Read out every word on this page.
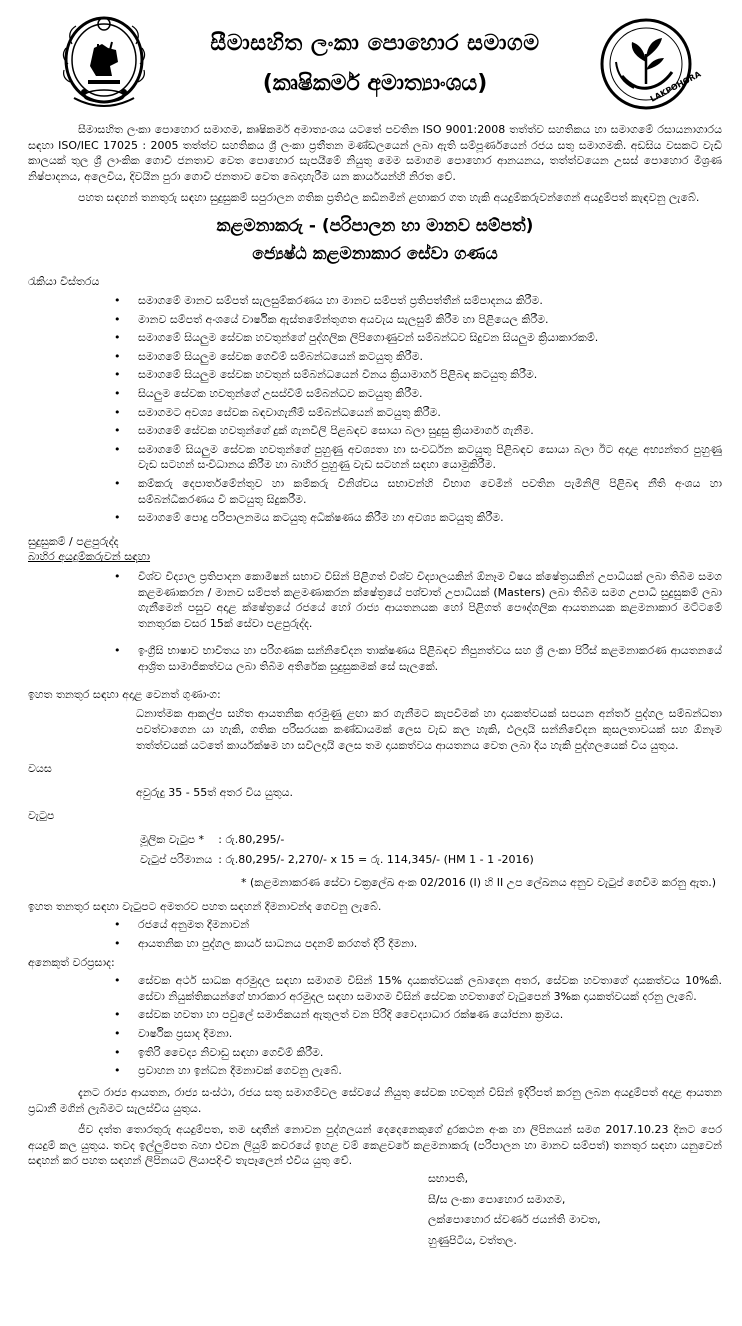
සීමාසහිත ලංකා පොහොර සමාගම
(කෘෂිකර්ම අමාත්‍යාංශය)	LAKPOHORA

සීමාසහිත ලංකා පොහොර සමාගම, කෘෂිකර්ම අමාත්‍යංශය යටතේ පවතින ISO 9001:2008 තත්ත්ව සහතිකය හා සමාගමේ රසායනාගාරය සඳහා ISO/IEC 17025 : 2005 තත්ත්ව සහතිකය ශ්‍රී ලංකා ප්‍රතීතන මණ්ඩලයෙන් ලබා ඇති සම්පූර්ණයෙන් රජය සතු සමාගමකි. අඩසිය වසකට වැඩි කාලයක් තුල ශ්‍රී ලාංකික ගොවි ජනතාව වෙත පොහොර සැපයීමේ නියුතු මෙම සමාගම පොහොර ආනයනය, තත්ත්වයෙන උසස් පොහොර මිශ්‍රණ නිෂ්පාදනය, අලෙවිය, දිවයින පුරා ගොවි ජනතාව වෙත බෙදාහැරීම යන කාර්යයන්හි නිරත වේ.

පහත සඳහන් තනතුරු සඳහා සුදුසුකම් සපුරාලන ගතික ප්‍රතිඵල කඩිනමින් ළඟාකර ගත හැකි අයදුම්කරුවන්ගෙන් අයදුම්පත් කැඳවනු ලැබේ.

කළමනාකරු - (පරිපාලන හා මානව සම්පත්)
ජ්‍යෙෂ්ඨ කළමනාකාර සේවා ගණය
රැකියා විස්තරය
• සමාගමේ මානව සම්පත් සැලසුම්කරණය හා මානව සම්පත් ප්‍රතිපත්තීන් සම්පාදනය කිරීම.
• මානව සම්පත් අංශයේ වාර්ෂික ඇස්තමේන්තුගත අයවැය සැලසුම් කිරීම හා පිළියෙල කිරීම.
• සමාගමේ සියලුම සේවක හවතුන්ගේ පුද්ගලික ලිපිගොණුවන් සම්බන්ධව සිදුවන සියලුම ක්‍රියාකාරකම්.
• සමාගමේ සියලුම සේවක ගෙවීම් සම්බන්ධයෙන් කටයුතු කිරීම.
• සමාගමේ සියලුම සේවක හවතුන් සම්බන්ධයෙන් විනය ක්‍රියාමාර්ග පිළිබඳ කටයුතු කිරීම.
• සියලුම සේවක හවතුන්ගේ උසස්වීම් සම්බන්ධව කටයුතු කිරීම.
• සමාගමට අවශ්‍ය සේවක බඳවාගැනීම් සම්බන්ධයෙන් කටයුතු කිරීම.
• සමාගමේ සේවක හවතුන්ගේ දුක් ගැනවිලි පිළබඳව සොයා බලා සුදුසු ක්‍රියාමාර්ග ගැනීම.
• සමාගමේ සියලුම සේවක හවතුන්ගේ පුහුණු අවශ්‍යතා හා සංවර්ධන කටයුතු පිළිබඳව සොයා බලා ඊට අදාළ අභ්‍යන්තර පුහුණු වැඩ සටහන් සංවිධානය කිරීම හා බාහිර පුහුණු වැඩ සටහන් සඳහා යොමුකිරීම.
• කම්කරු දෙපාර්තමේන්තුව හා කම්කරු විනිශ්චය සභාවන්හි විභාග වෙමින් පවතින පැමිනිලි පිළිබඳ නීති අංශය හා සම්බන්ධීකරණය වී කටයුතු සිදුකරීම.
• සමාගමේ පොදු පරිපාලනමය කටයුතු අධීක්ෂණය කිරීම හා අවශ්‍ය කටයුතු කිරීම.
සුදුසුකම් / පළපුරුද්ද
බාහිර අයදුම්කරුවන් සඳහා
• විශ්ව විද්‍යාල ප්‍රතිපාදන කොමිෂන් සභාව විසින් පිළිගත් විශ්ව විද්‍යාලයකින් ඕනෑම විෂය ක්ෂේත්‍රයකින් උපාධියක් ලබා තිබීම සමග කළමණාකරන / මානව සම්පත් කළමණාකරන ක්ෂේත්‍රයේ පශ්චාත් උපාධියක් (Masters) ලබා තිබීම සමග උපාධි සුදුසුකම් ලබා ගැනීමෙන් පසුව අදාළ ක්ෂේත්‍රයේ රජයේ හෝ රාජ්‍ය ආයතනයක හෝ පිළිගත් පෞද්ගලික ආයතනයක කළමනාකාර මට්ටමේ තනතුරක වසර 15ක් සේවා පළපුරුද්ද.
• ඉංග්‍රීසි භාෂාව භාවිතය හා පරිගණක සන්නිවේදන තාක්ෂණය පිළිබඳව නිපුනත්වය සහ ශ්‍රී ලංකා පිරිස් කළමනාකරණ ආයතනයේ ආශ්‍රිත සාමාජිකත්වය ලබා තිබීම අතිරේක සුදුසුකමක් සේ සැලකේ.
ඉහත තනතුර සඳහා අදාළ වෙනත් ගුණාංග:

ධනාත්මක ආකල්ප සහිත ආයතනික අරමුණු ළඟා කර ගැනීමට කැපවීමක් හා දායකත්වයක් සපයන අන්තර් පුද්ගල සම්බන්ධතා පවත්වාගෙන යා හැකි, ගතික පරිසරයක කණ්ඩායමක් ලෙස වැඩ කල හැකි, ඵලදායි සන්නිවේදන කුසලතාවයක් සහ ඕනෑම තත්ත්වයක් යටතේ කාර්යක්ෂම හා සවිලදායි ලෙස තම දායකත්වය ආයතනය වෙත ලබා දිය හැකි පුද්ගලයෙක් විය යුතුය.

වයස
අවුරුදු 35 - 55ත් අතර විය යුතුය.
වැටුප
මූලික වැටුප *	: රු.80,295/-
වැටුප් පරිමානය	: රු.80,295/- 2,270/- x 15 = රු. 114,345/- (HM 1 - 1 -2016)
* (කළමනාකරණ සේවා චක්‍රලේඛ අංක 02/2016 (I) හි II උප ලේඛනය අනුව වැටුප් ගෙවීම කරනු ඇත.)
ඉහත තනතුර සඳහා වැටුපට අමතරව පහත සඳහන් දීමනාවන්ද ගෙවනු ලැබේ.
• රජයේ අනුමත දීමනාවන්
• ආයතනික හා පුද්ගල කාර්ය සාධනය පදනම් කරගත් දිරි දීමනා.
අනෙකුත් වරප්‍රසාද:
• සේවක අර්ථ සාධක අරමුදල සඳහා සමාගම විසින් 15% දායකත්වයක් ලබාදෙන අතර, සේවක හවතාගේ දායකත්වය 10%කි. සේවා නියුක්තිකයන්ගේ භාරකාර අරමුදල සඳහා සමාගම විසින් සේවක හවතාගේ වැටුපෙන් 3%ක දායකත්වයක් දරනු ලැබේ.
• සේවක හවතා හා පවුලේ සමාජිකයන් ඇතුලත් වන පිරිදි වෛද්‍යාධාර රක්ෂණ යෝජනා ක්‍රමය.
• වාර්ෂික ප්‍රසාද දීමනා.
• ඉතිරි වෛද්‍ය නිවාඩු සඳහා ගෙවීම් කිරීම.
• ප්‍රවාහන හා ඉන්ධන දීමනාවක් ගෙවනු ලැබේ.

දැනට රාජ්‍ය ආයතන, රාජ්‍ය සංස්ථා, රජය සතු සමාගම්වල සේවයේ නියුතු සේවක හවතුන් විසින් ඉදිරිපත් කරනු ලබන අයදුම්පත් අදාළ ආයතන ප්‍රධානී මගින් ලැබීමට සැලස්විය යුතුය.

ජීව දත්ත තොරතුරු අයදුම්පත, තම ඥාතීන් නොවන පුද්ගලයන් දෙදෙනෙකුගේ දුරකථන අංක හා ලිපිනයන් සමග 2017.10.23 දිනට පෙර අයදුම් කල යුතුය. තවද ඉල්ලුම්පත බහා එවන ලියුම් කවරයේ ඉහළ වම් කෙළවරේ කළමනාකරු (පරිපාලන හා මානව සම්පත්) තනතුර සඳහා යනුවෙන් සඳහන් කර පහත සඳහන් ලිපිනයට ලියාපදිංචි තැපෑලෙන් එවිය යුතු වේ.

සභාපති,
සී/ස ලංකා පොහොර සමාගම,
ලක්පොහොර ස්වර්ණ ජයන්ති මාවත,
හුණුපිටිය, වත්තල.
